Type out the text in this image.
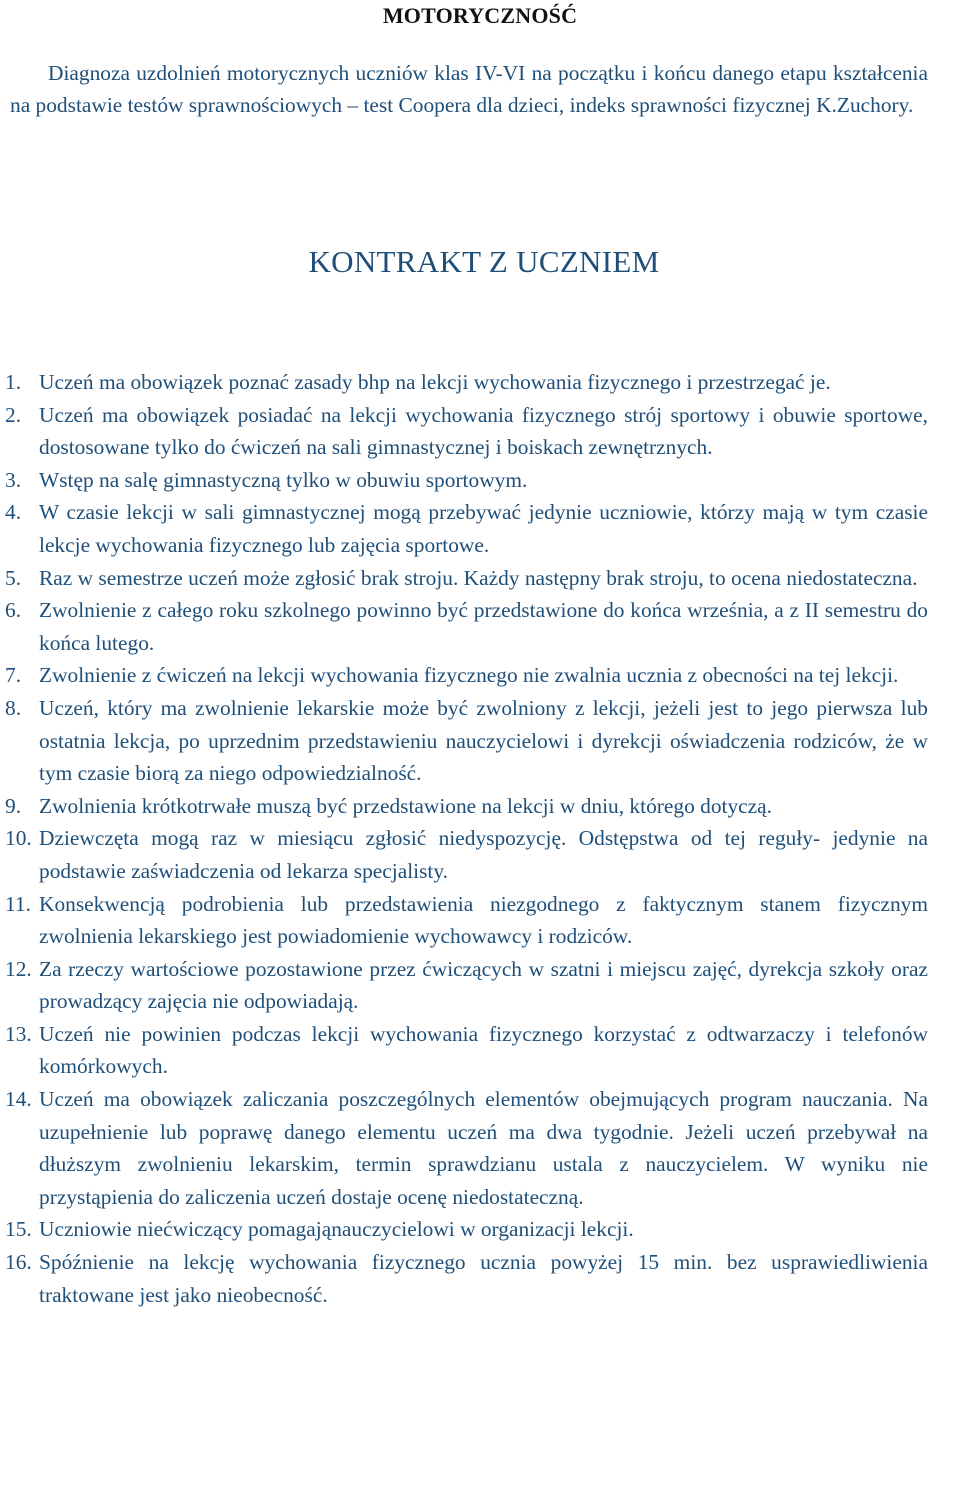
MOTORYCZNOŚĆ

Diagnoza uzdolnień motorycznych uczniów klas IV-VI na początku i końcu danego etapu kształcenia na podstawie testów sprawnościowych – test Coopera dla dzieci, indeks sprawności fizycznej K.Zuchory.

KONTRAKT Z UCZNIEM
1. Uczeń ma obowiązek poznać zasady bhp na lekcji wychowania fizycznego i przestrzegać je.
2. Uczeń ma obowiązek posiadać na lekcji wychowania fizycznego strój sportowy i obuwie sportowe, dostosowane tylko do ćwiczeń na sali gimnastycznej i boiskach zewnętrznych.
3. Wstęp na salę gimnastyczną tylko w obuwiu sportowym.
4. W czasie lekcji w sali gimnastycznej mogą przebywać jedynie uczniowie, którzy mają w tym czasie lekcje wychowania fizycznego lub zajęcia sportowe.
5. Raz w semestrze uczeń może zgłosić brak stroju. Każdy następny brak stroju, to ocena niedostateczna.
6. Zwolnienie z całego roku szkolnego powinno być przedstawione do końca września, a z II semestru do końca lutego.
7. Zwolnienie z ćwiczeń na lekcji wychowania fizycznego nie zwalnia ucznia z obecności na tej lekcji.
8. Uczeń, który ma zwolnienie lekarskie może być zwolniony z lekcji, jeżeli jest to jego pierwsza lub ostatnia lekcja, po uprzednim przedstawieniu nauczycielowi i dyrekcji oświadczenia rodziców, że w tym czasie biorą za niego odpowiedzialność.
9. Zwolnienia krótkotrwałe muszą być przedstawione na lekcji w dniu, którego dotyczą.
10. Dziewczęta mogą raz w miesiącu zgłosić niedyspozycję. Odstępstwa od tej reguły- jedynie na podstawie zaświadczenia od lekarza specjalisty.
11. Konsekwencją podrobienia lub przedstawienia niezgodnego z faktycznym stanem fizycznym zwolnienia lekarskiego jest powiadomienie wychowawcy i rodziców.
12. Za rzeczy wartościowe pozostawione przez ćwiczących w szatni i miejscu zajęć, dyrekcja szkoły oraz prowadzący zajęcia nie odpowiadają.
13. Uczeń nie powinien podczas lekcji wychowania fizycznego korzystać z odtwarzaczy i telefonów komórkowych.
14. Uczeń ma obowiązek zaliczania poszczególnych elementów obejmujących program nauczania. Na uzupełnienie lub poprawę danego elementu uczeń ma dwa tygodnie. Jeżeli uczeń przebywał na dłuższym zwolnieniu lekarskim, termin sprawdzianu ustala z nauczycielem. W wyniku nie przystąpienia do zaliczenia uczeń dostaje ocenę niedostateczną.
15. Uczniowie niećwiczący pomagająnauczycielowi w organizacji lekcji.
16. Spóźnienie na lekcję wychowania fizycznego ucznia powyżej 15 min. bez usprawiedliwienia traktowane jest jako nieobecność.
